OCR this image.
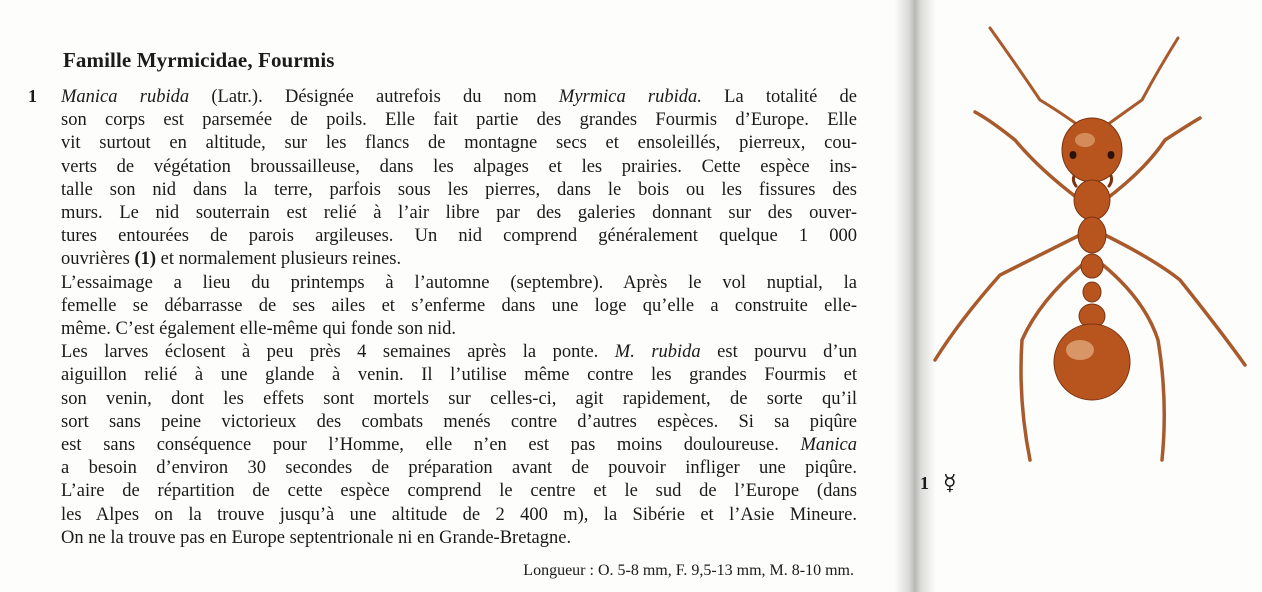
Famille Myrmicidae, Fourmis
1 Manica rubida (Latr.). Désignée autrefois du nom Myrmica rubida. La totalité de
son corps est parsemée de poils. Elle fait partie des grandes Fourmis d’Europe. Elle
vit surtout en altitude, sur les flancs de montagne secs et ensoleillés, pierreux, cou-
verts de végétation broussailleuse, dans les alpages et les prairies. Cette espèce ins-
talle son nid dans la terre, parfois sous les pierres, dans le bois ou les fissures des
murs. Le nid souterrain est relié à l’air libre par des galeries donnant sur des ouver-
tures entourées de parois argileuses. Un nid comprend généralement quelque 1 000
ouvrières (1) et normalement plusieurs reines.
L’essaimage a lieu du printemps à l’automne (septembre). Après le vol nuptial, la
femelle se débarrasse de ses ailes et s’enferme dans une loge qu’elle a construite elle-
même. C’est également elle-même qui fonde son nid.
Les larves éclosent à peu près 4 semaines après la ponte. M. rubida est pourvu d’un
aiguillon relié à une glande à venin. Il l’utilise même contre les grandes Fourmis et
son venin, dont les effets sont mortels sur celles-ci, agit rapidement, de sorte qu’il
sort sans peine victorieux des combats menés contre d’autres espèces. Si sa piqûre
est sans conséquence pour l’Homme, elle n’en est pas moins douloureuse. Manica
a besoin d’environ 30 secondes de préparation avant de pouvoir infliger une piqûre.
L’aire de répartition de cette espèce comprend le centre et le sud de l’Europe (dans
les Alpes on la trouve jusqu’à une altitude de 2 400 m), la Sibérie et l’Asie Mineure.
On ne la trouve pas en Europe septentrionale ni en Grande-Bretagne.
Longueur : O. 5-8 mm, F. 9,5-13 mm, M. 8-10 mm.
1 ☿
